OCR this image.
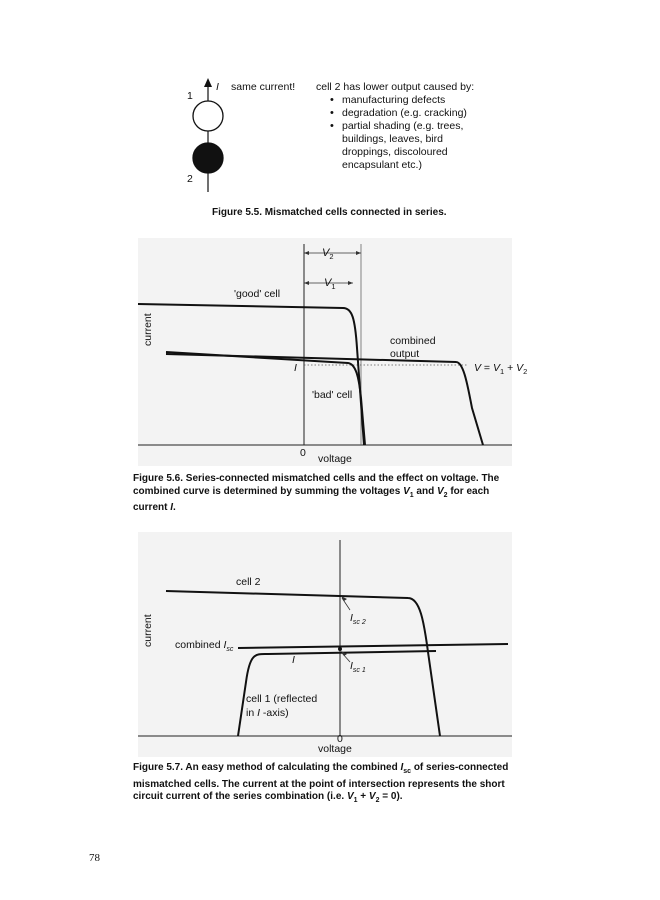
I same current!
1
2
cell 2 has lower output caused by:
• manufacturing defects
• degradation (e.g. cracking)
• partial shading (e.g. trees, buildings, leaves, bird droppings, discoloured encapsulant etc.)
Figure 5.5. Mismatched cells connected in series.
$V_2$
$V_1$
'good' cell
'bad' cell
combined
output
I	$V = V_1 + V_2$
current
0 voltage
Figure 5.6. Series-connected mismatched cells and the effect on voltage. The combined curve is determined by summing the voltages $V_1$ and $V_2$ for each current I.
cell 2
$I_{sc 2}$
combined $I_{sc}$
I	$I_{sc 1}$
cell 1 (reflected
in I -axis)
current
0
voltage
Figure 5.7. An easy method of calculating the combined $I_{sc}$ of series-connected mismatched cells. The current at the point of intersection represents the short circuit current of the series combination (i.e. $V_1 + V_2 = 0$).
78
